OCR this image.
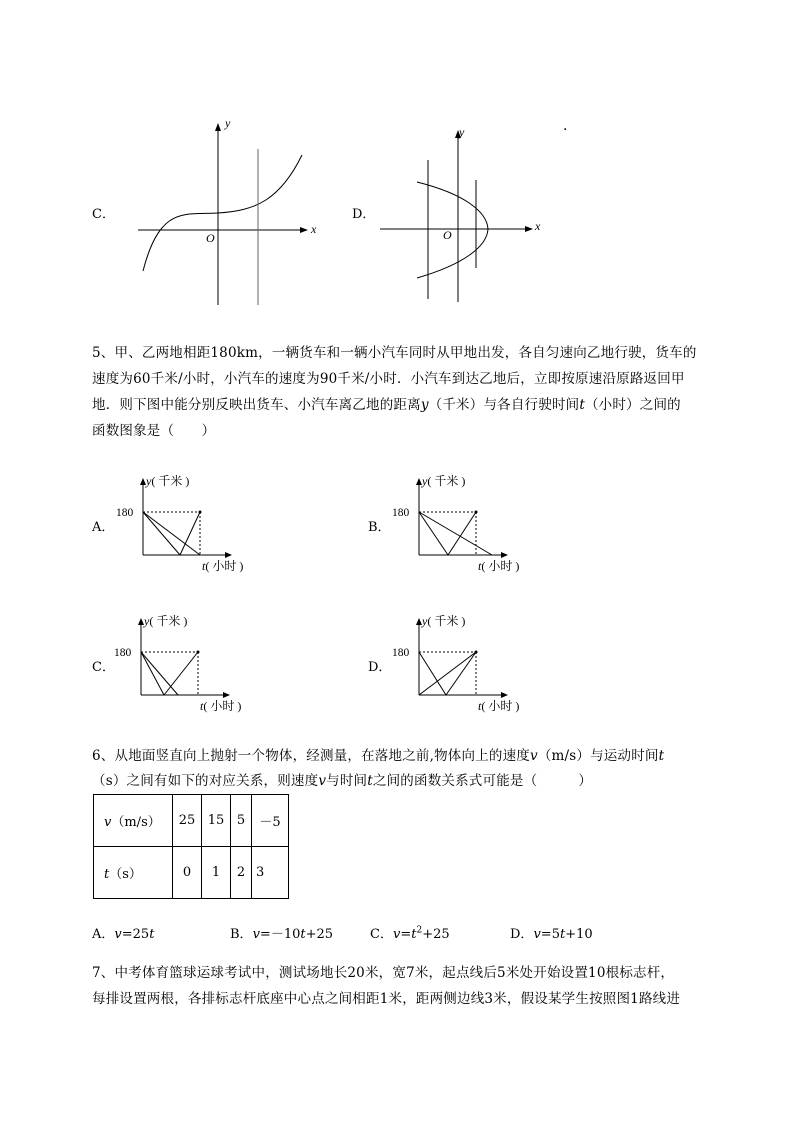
C．
y
x
O
D．
y
x
O
·
5、甲、乙两地相距180km，一辆货车和一辆小汽车同时从甲地出发，各自匀速向乙地行驶，货车的
速度为60千米/小时，小汽车的速度为90千米/小时．小汽车到达乙地后，立即按原速沿原路返回甲
地．则下图中能分别反映出货车、小汽车离乙地的距离y（千米）与各自行驶时间t（小时）之间的
函数图象是（　　）
A．
y( 千米 )
180
t( 小时 )
B．
y( 千米 )
180
t( 小时 )
C．
y( 千米 )
180
t( 小时 )
D．
y( 千米 )
180
t( 小时 )
6、从地面竖直向上抛射一个物体，经测量，在落地之前,物体向上的速度v（m/s）与运动时间t
（s）之间有如下的对应关系，则速度v与时间t之间的函数关系式可能是（　　　）
v（m/s）	25	15	5	－5
t（s）	0	1	2	3
A．v=25t	B．v=－10t+25	C．$v=t^2+25$	D．v=5t+10
7、中考体育篮球运球考试中，测试场地长20米，宽7米，起点线后5米处开始设置10根标志杆，
每排设置两根，各排标志杆底座中心点之间相距1米，距两侧边线3米，假设某学生按照图1路线进
